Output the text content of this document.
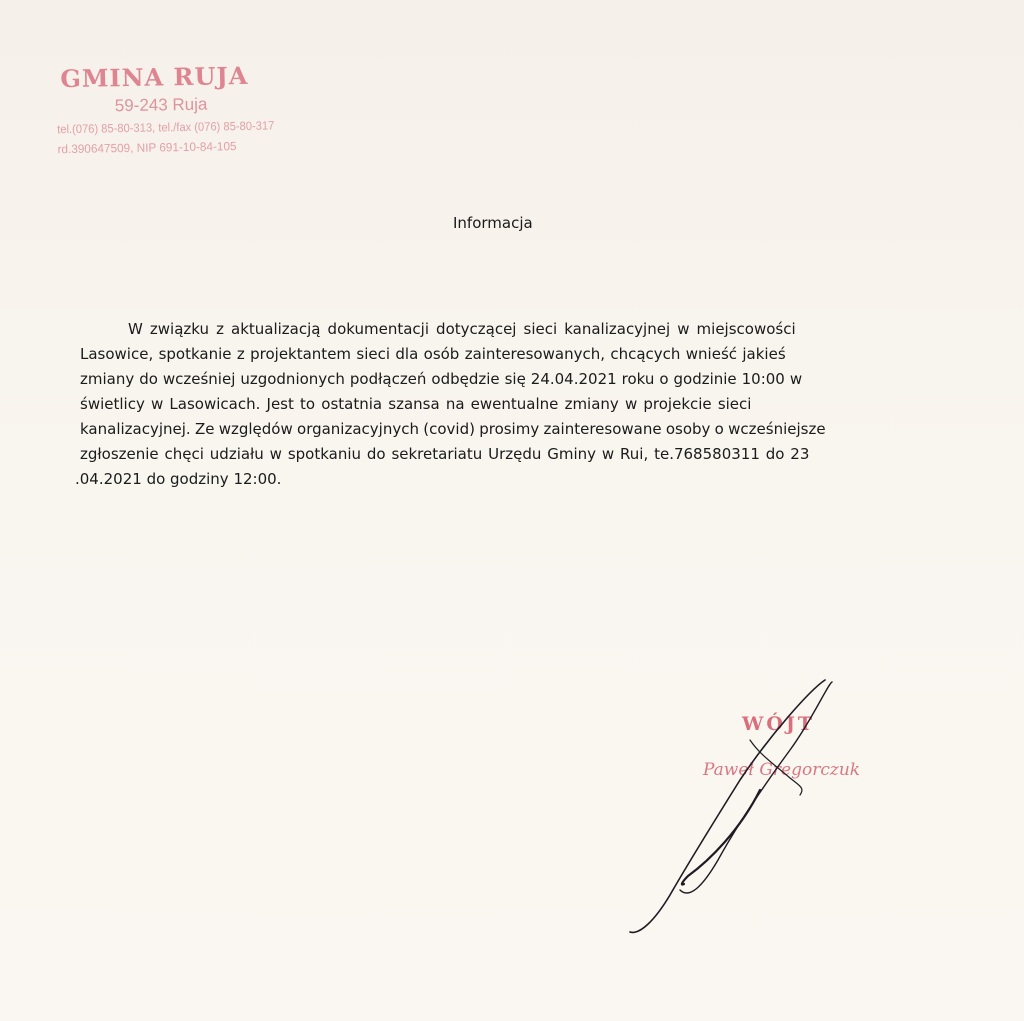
GMINA RUJA
59-243 Ruja
tel.(076) 85-80-313, tel./fax (076) 85-80-317
rd.390647509, NIP 691-10-84-105
Informacja
W związku z aktualizacją dokumentacji dotyczącej sieci kanalizacyjnej w miejscowości
Lasowice, spotkanie z projektantem sieci dla osób zainteresowanych, chcących wnieść jakieś
zmiany do wcześniej uzgodnionych podłączeń odbędzie się 24.04.2021 roku o godzinie 10:00 w
świetlicy w Lasowicach. Jest to ostatnia szansa na ewentualne zmiany w projekcie sieci
kanalizacyjnej. Ze względów organizacyjnych (covid) prosimy zainteresowane osoby o wcześniejsze
zgłoszenie chęci udziału w spotkaniu do sekretariatu Urzędu Gminy w Rui, te.768580311 do 23
.04.2021 do godziny 12:00.
WÓJT
Paweł Gregorczuk
